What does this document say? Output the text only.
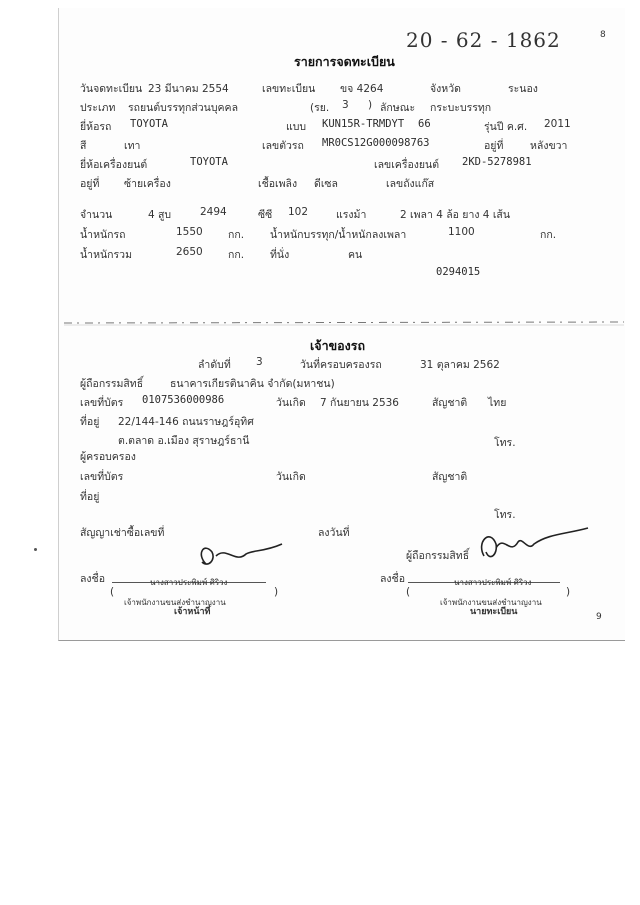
20 - 62 - 1862	8
รายการจดทะเบียน
วันจดทะเบียน 23 มีนาคม 2554	เลขทะเบียน ขจ 4264	จังหวัด	ระนอง
ประเภท รถยนต์บรรทุกส่วนบุคคล	(รย. 3 ) ลักษณะ กระบะบรรทุก
ยี่ห้อรถ TOYOTA	แบบ KUN15R-TRMDYT 66	รุ่นปี ค.ศ. 2011
สี	เทา	เลขตัวรถ MR0CS12G000098763	อยู่ที่	หลังขวา
ยี่ห้อเครื่องยนต์	TOYOTA	เลขเครื่องยนต์ 2KD-5278981
อยู่ที่ ซ้ายเครื่อง	เชื้อเพลิง ดีเซล	เลขถังแก๊ส
จำนวน	4 สูบ	2494	ซีซี 102	แรงม้า	2 เพลา 4 ล้อ ยาง 4 เส้น
น้ำหนักรถ	1550 กก. น้ำหนักบรรทุก/น้ำหนักลงเพลา	1100	กก.
น้ำหนักรวม	2650 กก. ที่นั่ง	คน
0294015
เจ้าของรถ
ลำดับที่ 3	วันที่ครอบครองรถ	31 ตุลาคม 2562
ผู้ถือกรรมสิทธิ์	ธนาคารเกียรตินาคิน จำกัด(มหาชน)
เลขที่บัตร 0107536000986	วันเกิด 7 กันยายน 2536	สัญชาติ ไทย
ที่อยู่ 22/144-146 ถนนราษฎร์อุทิศ
ต.ตลาด อ.เมือง สุราษฎร์ธานี	โทร.
ผู้ครอบครอง
เลขที่บัตร	วันเกิด	สัญชาติ
ที่อยู่
โทร.
สัญญาเช่าซื้อเลขที่	ลงวันที่
ผู้ถือกรรมสิทธิ์
ลงชื่อ	นางสาวประพิมพ์ ศิริวง	ลงชื่อ	นางสาวประพิมพ์ ศิริวง
(	)
เจ้าพนักงานขนส่งชำนาญงาน
เจ้าหน้าที่
(	)
เจ้าพนักงานขนส่งชำนาญงาน
นายทะเบียน	9
